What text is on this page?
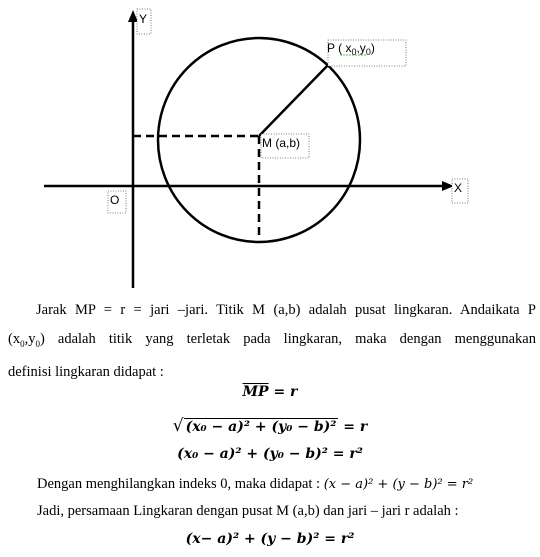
Y
X
O
P ( $x_0,y_0$)
M (a,b)
Jarak MP = r = jari –jari. Titik M (a,b) adalah pusat lingkaran. Andaikata P
$(x_0,y_0)$ adalah titik yang terletak pada lingkaran, maka dengan menggunakan
definisi lingkaran didapat :
$\overline{MP} = r$
√ (x₀ − a)² + (y₀ − b)² = r
(x₀ − a)² + (y₀ − b)² = r²
Dengan menghilangkan indeks 0, maka didapat : (x − a)² + (y − b)² = r²
Jadi, persamaan Lingkaran dengan pusat M (a,b) dan jari – jari r adalah :
(x− a)² + (y − b)² = r²
